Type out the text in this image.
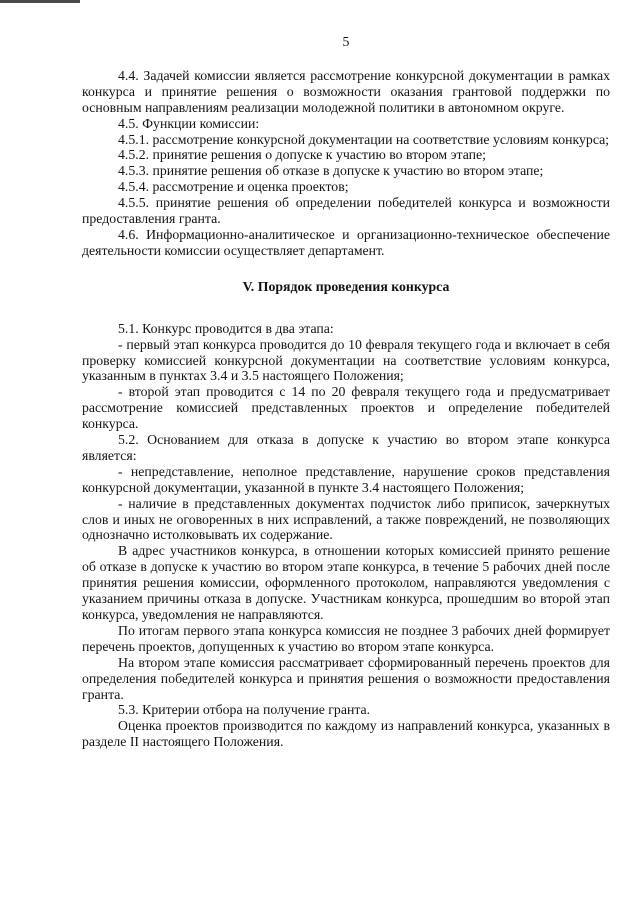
5

4.4. Задачей комиссии является рассмотрение конкурсной документации в рамках конкурса и принятие решения о возможности оказания грантовой поддержки по основным направлениям реализации молодежной политики в автономном округе.

4.5. Функции комиссии:

4.5.1. рассмотрение конкурсной документации на соответствие условиям конкурса;

4.5.2. принятие решения о допуске к участию во втором этапе;

4.5.3. принятие решения об отказе в допуске к участию во втором этапе;

4.5.4. рассмотрение и оценка проектов;

4.5.5. принятие решения об определении победителей конкурса и возможности предоставления гранта.

4.6. Информационно-аналитическое и организационно-техническое обеспечение деятельности комиссии осуществляет департамент.

V. Порядок проведения конкурса

5.1. Конкурс проводится в два этапа:

- первый этап конкурса проводится до 10 февраля текущего года и включает в себя проверку комиссией конкурсной документации на соответствие условиям конкурса, указанным в пунктах 3.4 и 3.5 настоящего Положения;

- второй этап проводится с 14 по 20 февраля текущего года и предусматривает рассмотрение комиссией представленных проектов и определение победителей конкурса.

5.2. Основанием для отказа в допуске к участию во втором этапе конкурса является:

- непредставление, неполное представление, нарушение сроков представления конкурсной документации, указанной в пункте 3.4 настоящего Положения;

- наличие в представленных документах подчисток либо приписок, зачеркнутых слов и иных не оговоренных в них исправлений, а также повреждений, не позволяющих однозначно истолковывать их содержание.

В адрес участников конкурса, в отношении которых комиссией принято решение об отказе в допуске к участию во втором этапе конкурса, в течение 5 рабочих дней после принятия решения комиссии, оформленного протоколом, направляются уведомления с указанием причины отказа в допуске. Участникам конкурса, прошедшим во второй этап конкурса, уведомления не направляются.

По итогам первого этапа конкурса комиссия не позднее 3 рабочих дней формирует перечень проектов, допущенных к участию во втором этапе конкурса.

На втором этапе комиссия рассматривает сформированный перечень проектов для определения победителей конкурса и принятия решения о возможности предоставления гранта.

5.3. Критерии отбора на получение гранта.

Оценка проектов производится по каждому из направлений конкурса, указанных в разделе II настоящего Положения.
